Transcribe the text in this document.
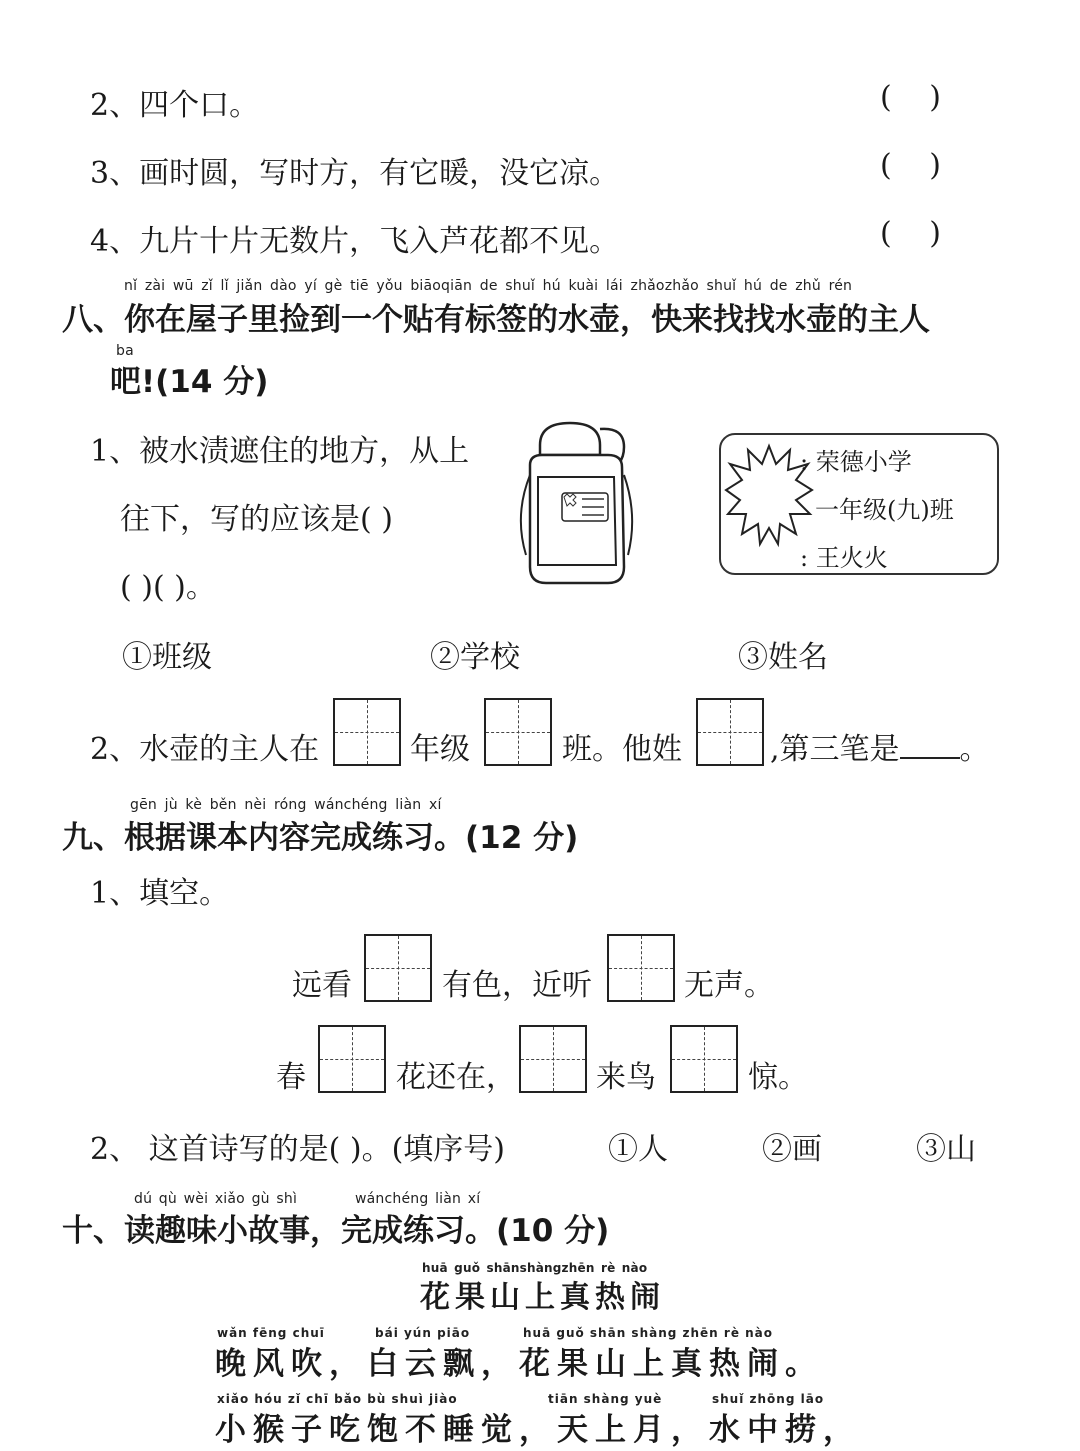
2、四个口。	( )
3、画时圆，写时方，有它暖，没它凉。	( )
4、九片十片无数片，飞入芦花都不见。	( )
nǐ zài wū zǐ lǐ jiǎn dào yí gè tiē yǒu biāoqiān de shuǐ hú kuài lái zhǎozhǎo shuǐ hú de zhǔ rén
八、你在屋子里捡到一个贴有标签的水壶，快来找找水壶的主人
ba
吧!(14 分)
1、被水渍遮住的地方，从上
往下，写的应该是( )
( )( )。
: 荣德小学
一年级(九)班
: 王火火
①班级	②学校	③姓名
2、水壶的主人在	年级	班。他姓	,第三笔是 。
gēn jù kè běn nèi róng wánchéng liàn xí
九、根据课本内容完成练习。(12 分)
1、填空。
远看	有色，近听	无声。
春	花还在，	来鸟	惊。
2、 这首诗写的是( )。(填序号)	①人	②画	③山
dú qù wèi xiǎo gù shì	wánchéng liàn xí
十、读趣味小故事，完成练习。(10 分)
huā guǒ shānshàngzhēn rè nào
花果山上真热闹
wǎn fēng chuī	bái yún piāo	huā guǒ shān shàng zhēn rè nào
晚风吹，白云飘，花果山上真热闹。
xiǎo hóu zǐ chī bǎo bù shuì jiào	tiān shàng yuè	shuǐ zhōng lāo
小猴子吃饱不睡觉，天上月，水中捞，
